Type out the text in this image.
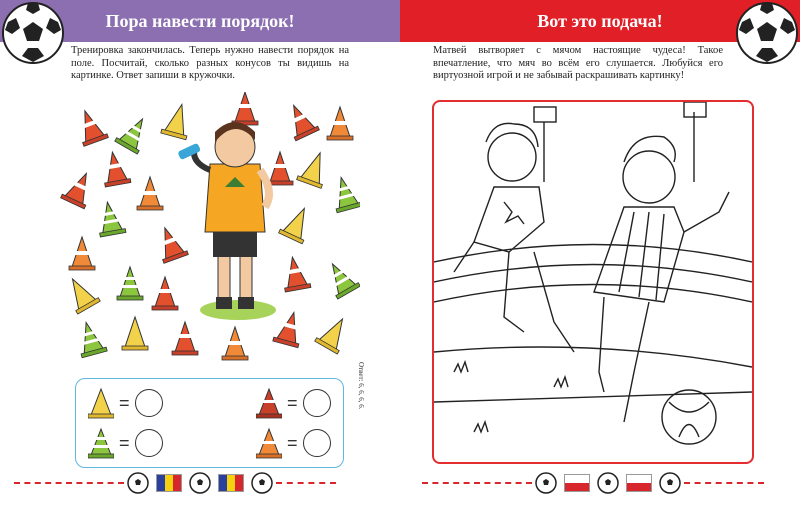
Пора навести порядок!
Тренировка закончилась. Теперь нужно навести порядок на поле. Посчитай, сколько разных конусов ты видишь на картинке. Ответ запиши в кружочки.
=	=
=	=
Ответ: 6, 6, 6, 6.
Вот это подача!
Матвей вытворяет с мячом настоящие чудеса! Такое впечатление, что мяч во всём его слушается. Любуйся его виртуозной игрой и не забывай раскрашивать картинку!
